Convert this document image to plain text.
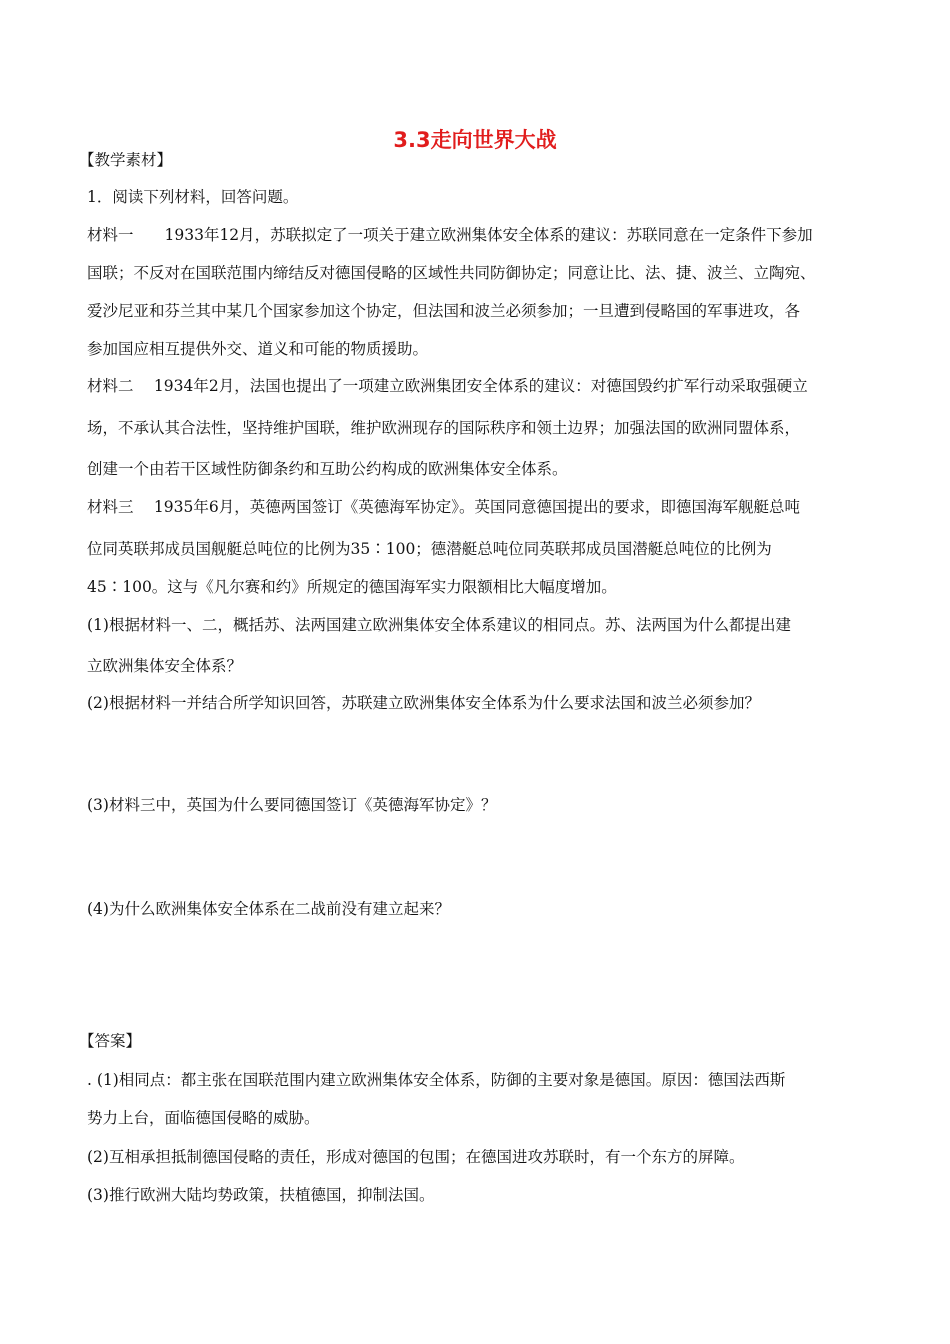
3.3走向世界大战
【教学素材】
1．阅读下列材料，回答问题。
材料一　　1933年12月，苏联拟定了一项关于建立欧洲集体安全体系的建议：苏联同意在一定条件下参加
国联；不反对在国联范围内缔结反对德国侵略的区域性共同防御协定；同意让比、法、捷、波兰、立陶宛、
爱沙尼亚和芬兰其中某几个国家参加这个协定，但法国和波兰必须参加；一旦遭到侵略国的军事进攻，各
参加国应相互提供外交、道义和可能的物质援助。
材料二　 1934年2月，法国也提出了一项建立欧洲集团安全体系的建议：对德国毁约扩军行动采取强硬立
场，不承认其合法性，坚持维护国联，维护欧洲现存的国际秩序和领土边界；加强法国的欧洲同盟体系，
创建一个由若干区域性防御条约和互助公约构成的欧洲集体安全体系。
材料三　 1935年6月，英德两国签订《英德海军协定》。英国同意德国提出的要求，即德国海军舰艇总吨
位同英联邦成员国舰艇总吨位的比例为35∶100；德潜艇总吨位同英联邦成员国潜艇总吨位的比例为
45∶100。这与《凡尔赛和约》所规定的德国海军实力限额相比大幅度增加。
(1)根据材料一、二，概括苏、法两国建立欧洲集体安全体系建议的相同点。苏、法两国为什么都提出建
立欧洲集体安全体系？
(2)根据材料一并结合所学知识回答，苏联建立欧洲集体安全体系为什么要求法国和波兰必须参加？
(3)材料三中，英国为什么要同德国签订《英德海军协定》？
(4)为什么欧洲集体安全体系在二战前没有建立起来？
【答案】
. (1)相同点：都主张在国联范围内建立欧洲集体安全体系，防御的主要对象是德国。原因：德国法西斯
势力上台，面临德国侵略的威胁。
(2)互相承担抵制德国侵略的责任，形成对德国的包围；在德国进攻苏联时，有一个东方的屏障。
(3)推行欧洲大陆均势政策，扶植德国，抑制法国。
